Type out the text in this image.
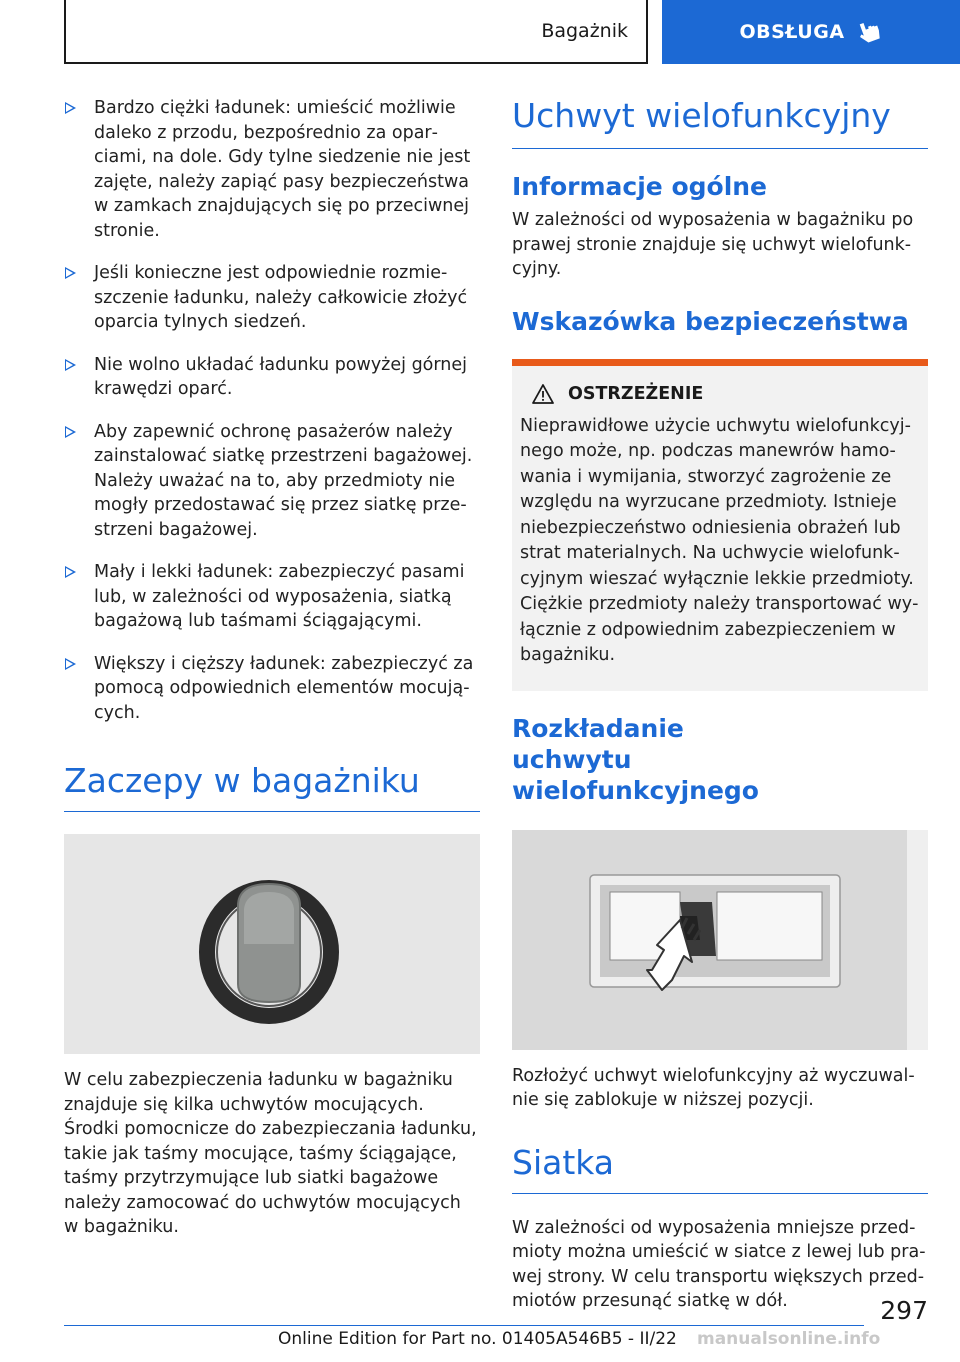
Bagażnik	OBSŁUGA
Bardzo ciężki ładunek: umieścić możliwie daleko z przodu, bezpośrednio za oparciami, na dole. Gdy tylne siedzenie nie jest zajęte, należy zapiąć pasy bezpieczeństwa w zamkach znajdujących się po przeciwnej stronie.
Jeśli konieczne jest odpowiednie rozmieszczenie ładunku, należy całkowicie złożyć oparcia tylnych siedzeń.
Nie wolno układać ładunku powyżej górnej krawędzi oparć.
Aby zapewnić ochronę pasażerów należy zainstalować siatkę przestrzeni bagażowej. Należy uważać na to, aby przedmioty nie mogły przedostawać się przez siatkę przestrzeni bagażowej.
Mały i lekki ładunek: zabezpieczyć pasami lub, w zależności od wyposażenia, siatką bagażową lub taśmami ściągającymi.
Większy i cięższy ładunek: zabezpieczyć za pomocą odpowiednich elementów mocujących.
Zaczepy w bagażniku

W celu zabezpieczenia ładunku w bagażniku znajduje się kilka uchwytów mocujących. Środki pomocnicze do zabezpieczania ładunku, takie jak taśmy mocujące, taśmy ściągające, taśmy przytrzymujące lub siatki bagażowe należy zamocować do uchwytów mocujących w bagażniku.

Uchwyt wielofunkcyjny
Informacje ogólne

W zależności od wyposażenia w bagażniku po prawej stronie znajduje się uchwyt wielofunkcyjny.

Wskazówka bezpieczeństwa
OSTRZEŻENIE

Nieprawidłowe użycie uchwytu wielofunkcyjnego może, np. podczas manewrów hamowania i wymijania, stworzyć zagrożenie ze względu na wyrzucane przedmioty. Istnieje niebezpieczeństwo odniesienia obrażeń lub strat materialnych. Na uchwycie wielofunkcyjnym wieszać wyłącznie lekkie przedmioty. Ciężkie przedmioty należy transportować wyłącznie z odpowiednim zabezpieczeniem w bagażniku.

Rozkładanie uchwytu wielofunkcyjnego

Rozłożyć uchwyt wielofunkcyjny aż wyczuwalnie się zablokuje w niższej pozycji.

Siatka

W zależności od wyposażenia mniejsze przedmioty można umieścić w siatce z lewej lub prawej strony. W celu transportu większych przedmiotów przesunąć siatkę w dół.	297
Online Edition for Part no. 01405A546B5 - II/22 manualsonline.info
